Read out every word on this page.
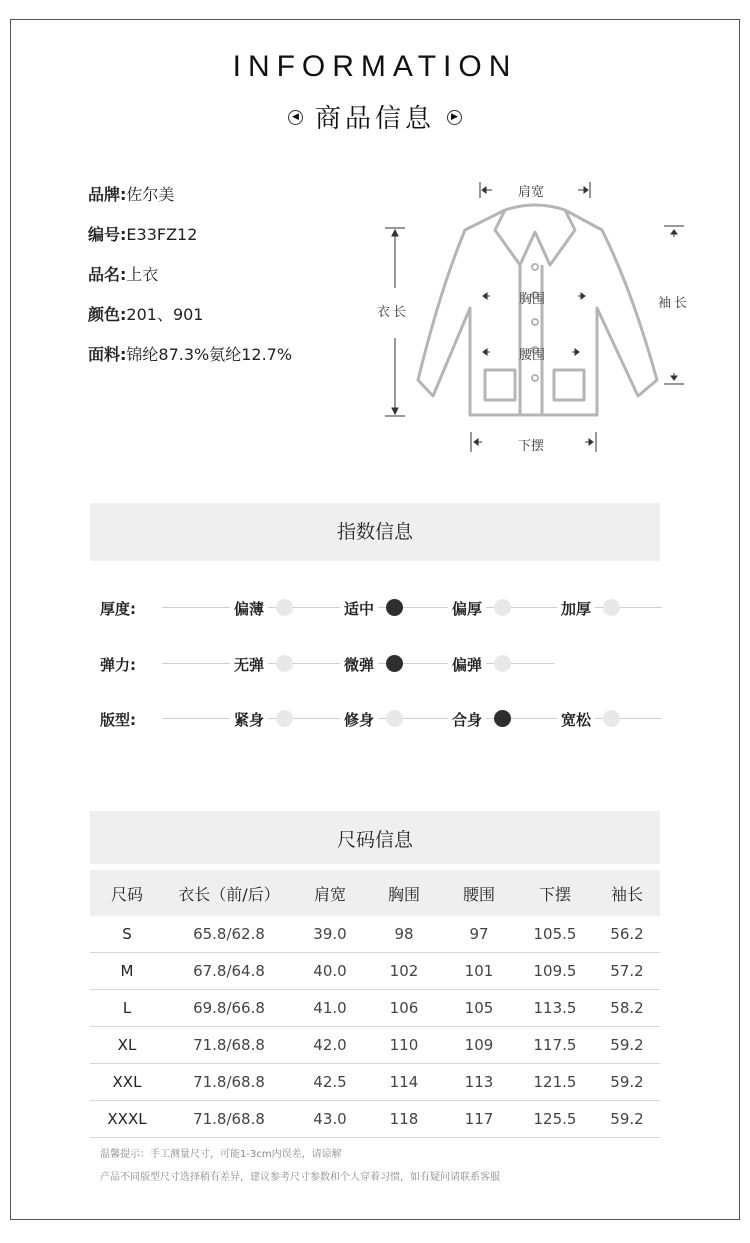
INFORMATION
◀ 商品信息 ▶
品牌:佐尔美
编号:E33FZ12
品名:上衣
颜色:201、901
面料:锦纶87.3%氨纶12.7%
肩宽
衣长
胸围
腰围
袖长
下摆
指数信息
厚度:	偏薄	适中	偏厚	加厚
弹力:	无弹	微弹	偏弹
版型:	紧身	修身	合身	宽松
尺码信息
尺码	衣长（前/后）	肩宽	胸围	腰围	下摆	袖长
S	65.8/62.8	39.0	98	97	105.5	56.2
M	67.8/64.8	40.0	102	101	109.5	57.2
L	69.8/66.8	41.0	106	105	113.5	58.2
XL	71.8/68.8	42.0	110	109	117.5	59.2
XXL	71.8/68.8	42.5	114	113	121.5	59.2
XXXL	71.8/68.8	43.0	118	117	125.5	59.2
温馨提示：手工测量尺寸，可能1-3cm内误差，请谅解
产品不同版型尺寸选择稍有差异，建议参考尺寸参数和个人穿着习惯，如有疑问请联系客服
